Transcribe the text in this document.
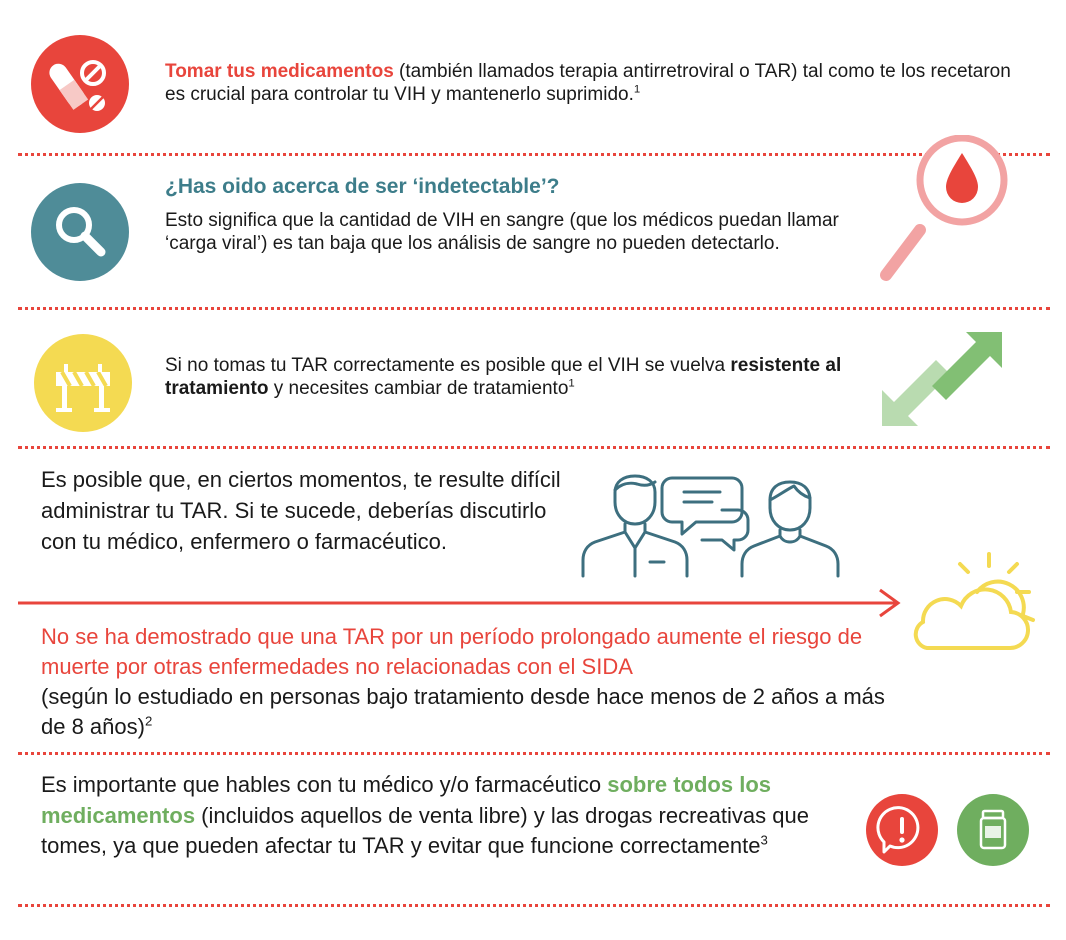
Tomar tus medicamentos (también llamados terapia antirretroviral o TAR) tal como te los recetaron es crucial para controlar tu VIH y mantenerlo suprimido.$^1$
¿Has oido acerca de ser ‘indetectable’?
Esto significa que la cantidad de VIH en sangre (que los médicos puedan llamar ‘carga viral’) es tan baja que los análisis de sangre no pueden detectarlo.
Si no tomas tu TAR correctamente es posible que el VIH se vuelva resistente al tratamiento y necesites cambiar de tratamiento$^1$
Es posible que, en ciertos momentos, te resulte difícil administrar tu TAR. Si te sucede, deberías discutirlo con tu médico, enfermero o farmacéutico.
No se ha demostrado que una TAR por un período prolongado aumente el riesgo de muerte por otras enfermedades no relacionadas con el SIDA
(según lo estudiado en personas bajo tratamiento desde hace menos de 2 años a más de 8 años)$^2$
Es importante que hables con tu médico y/o farmacéutico sobre todos los medicamentos (incluidos aquellos de venta libre) y las drogas recreativas que tomes, ya que pueden afectar tu TAR y evitar que funcione correctamente$^3$
